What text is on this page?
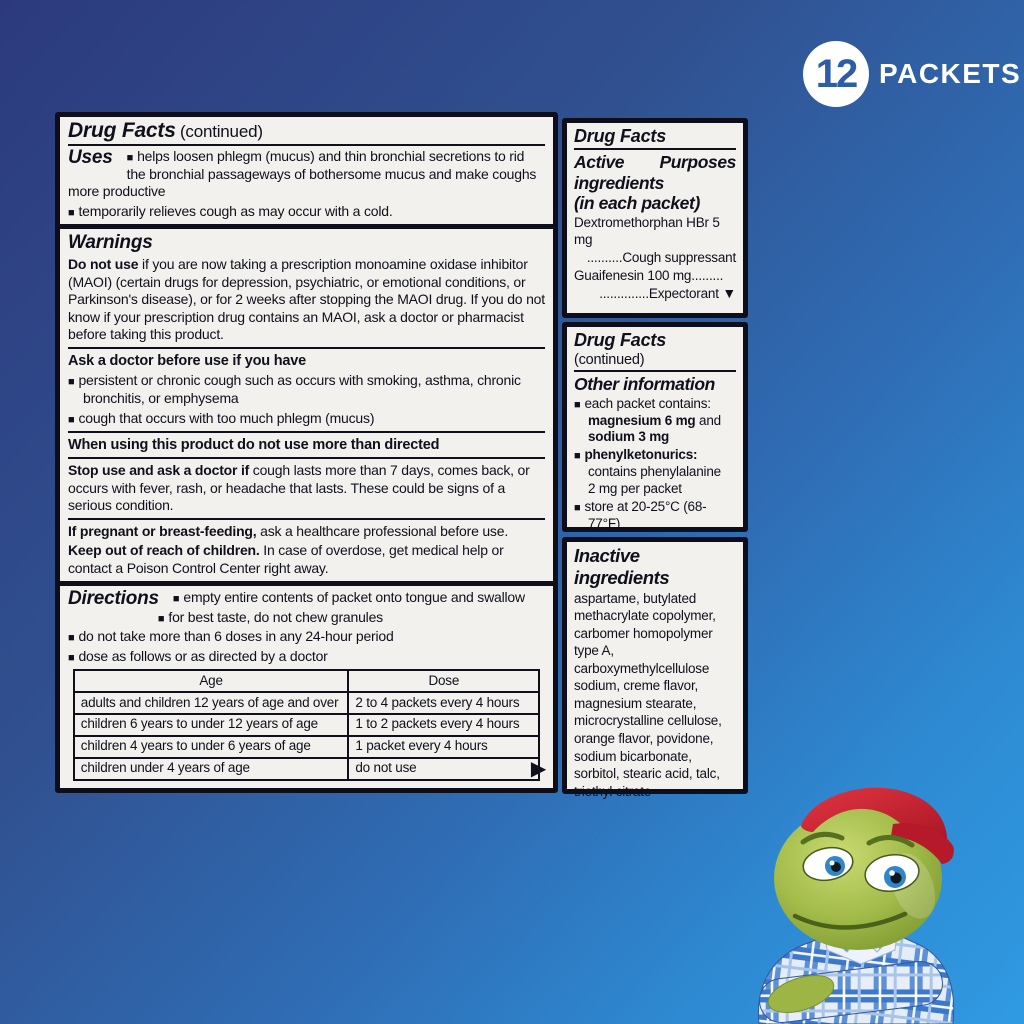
12 PACKETS
Drug Facts (continued)
Uses	■ helps loosen phlegm (mucus) and thin bronchial secretions to rid the bronchial passageways of bothersome mucus and make coughs more productive

■ temporarily relieves cough as may occur with a cold.

Warnings

Do not use if you are now taking a prescription monoamine oxidase inhibitor (MAOI) (certain drugs for depression, psychiatric, or emotional conditions, or Parkinson's disease), or for 2 weeks after stopping the MAOI drug. If you do not know if your prescription drug contains an MAOI, ask a doctor or pharmacist before taking this product.

Ask a doctor before use if you have

■ persistent or chronic cough such as occurs with smoking, asthma, chronic bronchitis, or emphysema

■ cough that occurs with too much phlegm (mucus)

When using this product do not use more than directed

Stop use and ask a doctor if cough lasts more than 7 days, comes back, or occurs with fever, rash, or headache that lasts. These could be signs of a serious condition.

If pregnant or breast-feeding, ask a healthcare professional before use.

Keep out of reach of children. In case of overdose, get medical help or contact a Poison Control Center right away.

Directions	■ empty entire contents of packet onto tongue and swallow

■ for best taste, do not chew granules

■ do not take more than 6 doses in any 24-hour period

■ dose as follows or as directed by a doctor

Age	Dose
adults and children 12 years of age and over	2 to 4 packets every 4 hours
children 6 years to under 12 years of age	1 to 2 packets every 4 hours
children 4 years to under 6 years of age	1 packet every 4 hours
children under 4 years of age	do not use	▶
Drug Facts
Active Purposes
ingredients
(in each packet)

Dextromethorphan HBr 5 mg

..........Cough suppressant

Guaifenesin 100 mg.........

..............Expectorant ▼

Drug Facts (continued)
Other information

■ each packet contains:
magnesium 6 mg and
sodium 3 mg

■ phenylketonurics:
contains phenylalanine
2 mg per packet

■ store at 20-25°C (68-77°F)

Inactive ingredients

aspartame, butylated methacrylate copolymer, carbomer homopolymer type A, carboxymethylcellulose sodium, creme flavor, magnesium stearate, microcrystalline cellulose, orange flavor, povidone, sodium bicarbonate, sorbitol, stearic acid, talc, triethyl citrate
